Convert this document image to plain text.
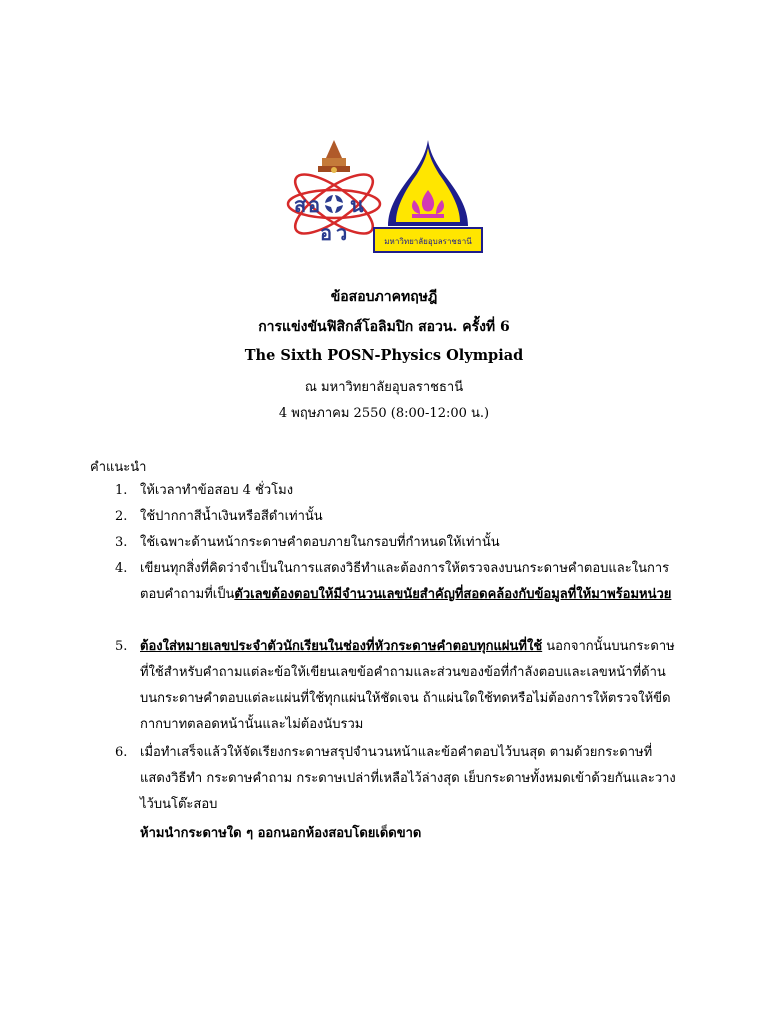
ส อ น
อ ว	มหาวิทยาลัยอุบลราชธานี
ข้อสอบภาคทฤษฎี
การแข่งขันฟิสิกส์โอลิมปิก สอวน. ครั้งที่ 6
The Sixth POSN-Physics Olympiad
ณ มหาวิทยาลัยอุบลราชธานี
4 พฤษภาคม 2550 (8:00-12:00 น.)
คำแนะนำ
1. ให้เวลาทำข้อสอบ 4 ชั่วโมง
2. ใช้ปากกาสีน้ำเงินหรือสีดำเท่านั้น
3. ใช้เฉพาะด้านหน้ากระดาษคำตอบภายในกรอบที่กำหนดให้เท่านั้น
4. เขียนทุกสิ่งที่คิดว่าจำเป็นในการแสดงวิธีทำและต้องการให้ตรวจลงบนกระดาษคำตอบและในการตอบคำถามที่เป็นตัวเลขต้องตอบให้มีจำนวนเลขนัยสำคัญที่สอดคล้องกับข้อมูลที่ให้มาพร้อมหน่วย
5. ต้องใส่หมายเลขประจำตัวนักเรียนในช่องที่หัวกระดาษคำตอบทุกแผ่นที่ใช้ นอกจากนั้นบนกระดาษที่ใช้สำหรับคำถามแต่ละข้อให้เขียนเลขข้อคำถามและส่วนของข้อที่กำลังตอบและเลขหน้าที่ด้านบนกระดาษคำตอบแต่ละแผ่นที่ใช้ทุกแผ่นให้ชัดเจน ถ้าแผ่นใดใช้ทดหรือไม่ต้องการให้ตรวจให้ขีดกากบาทตลอดหน้านั้นและไม่ต้องนับรวม
6. เมื่อทำเสร็จแล้วให้จัดเรียงกระดาษสรุปจำนวนหน้าและข้อคำตอบไว้บนสุด ตามด้วยกระดาษที่แสดงวิธีทำ กระดาษคำถาม กระดาษเปล่าที่เหลือไว้ล่างสุด เย็บกระดาษทั้งหมดเข้าด้วยกันและวางไว้บนโต๊ะสอบ
ห้ามนำกระดาษใด ๆ ออกนอกห้องสอบโดยเด็ดขาด
